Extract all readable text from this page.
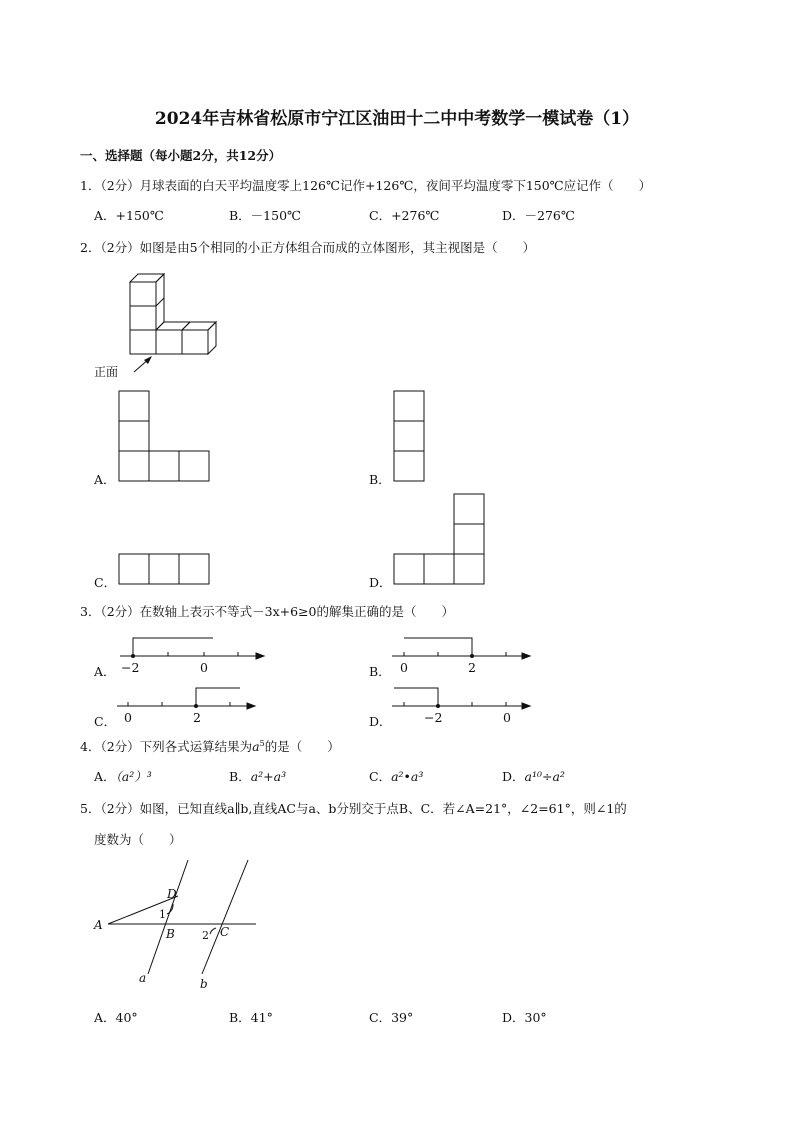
2024年吉林省松原市宁江区油田十二中中考数学一模试卷（1）
一、选择题（每小题2分，共12分）
1．（2分）月球表面的白天平均温度零上126℃记作+126℃，夜间平均温度零下150℃应记作（　　）
A．+150℃	B．－150℃	C．+276℃	D．－276℃
2．（2分）如图是由5个相同的小正方体组合而成的立体图形，其主视图是（　　）
正面
A．	B．
C．	D．
3．（2分）在数轴上表示不等式－3x+6≥0的解集正确的是（　　）
A． −2	0	B． 0	2
C． 0	2	D．	−2	0
4．（2分）下列各式运算结果为$a^5$的是（　　）
A．（a²）³	B．a²+a³	C．a²•a³	D．a¹⁰÷a²
5．（2分）如图，已知直线a∥b,直线AC与a、b分别交于点B、C．若∠A=21°，∠2=61°，则∠1的
度数为（　　）
A
B	C
D
a	b
1
2
A．40°	B．41°	C．39°	D．30°
